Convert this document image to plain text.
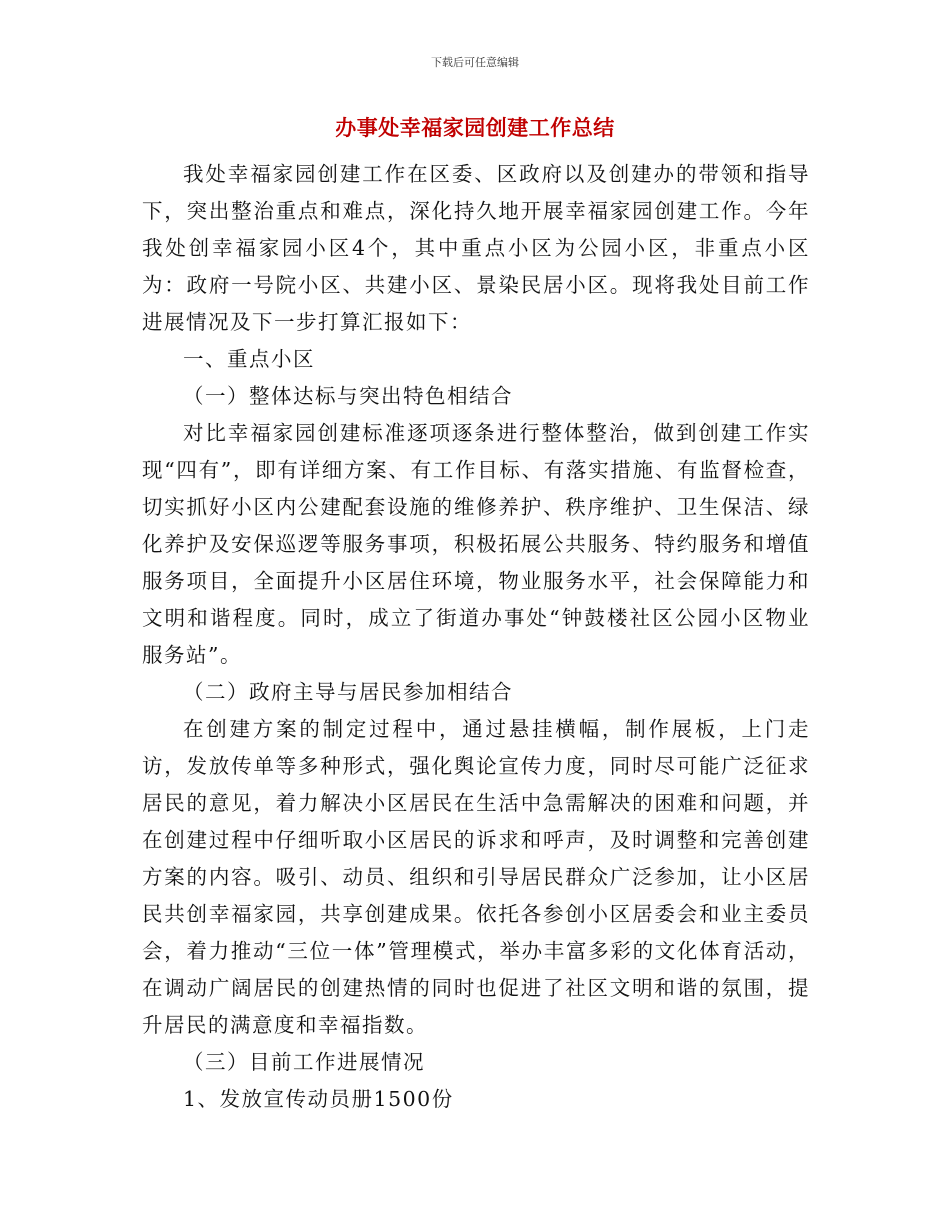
下载后可任意编辑
办事处幸福家园创建工作总结

我处幸福家园创建工作在区委、区政府以及创建办的带领和指导下，突出整治重点和难点，深化持久地开展幸福家园创建工作。今年我处创幸福家园小区4个，其中重点小区为公园小区，非重点小区为：政府一号院小区、共建小区、景染民居小区。现将我处目前工作进展情况及下一步打算汇报如下：

一、重点小区

（一）整体达标与突出特色相结合

对比幸福家园创建标准逐项逐条进行整体整治，做到创建工作实现“四有”，即有详细方案、有工作目标、有落实措施、有监督检查，切实抓好小区内公建配套设施的维修养护、秩序维护、卫生保洁、绿化养护及安保巡逻等服务事项，积极拓展公共服务、特约服务和增值服务项目，全面提升小区居住环境，物业服务水平，社会保障能力和文明和谐程度。同时，成立了街道办事处“钟鼓楼社区公园小区物业服务站”。

（二）政府主导与居民参加相结合

在创建方案的制定过程中，通过悬挂横幅，制作展板，上门走访，发放传单等多种形式，强化舆论宣传力度，同时尽可能广泛征求居民的意见，着力解决小区居民在生活中急需解决的困难和问题，并在创建过程中仔细听取小区居民的诉求和呼声，及时调整和完善创建方案的内容。吸引、动员、组织和引导居民群众广泛参加，让小区居民共创幸福家园，共享创建成果。依托各参创小区居委会和业主委员会，着力推动“三位一体”管理模式，举办丰富多彩的文化体育活动，在调动广阔居民的创建热情的同时也促进了社区文明和谐的氛围，提升居民的满意度和幸福指数。

（三）目前工作进展情况

1、发放宣传动员册1500份
